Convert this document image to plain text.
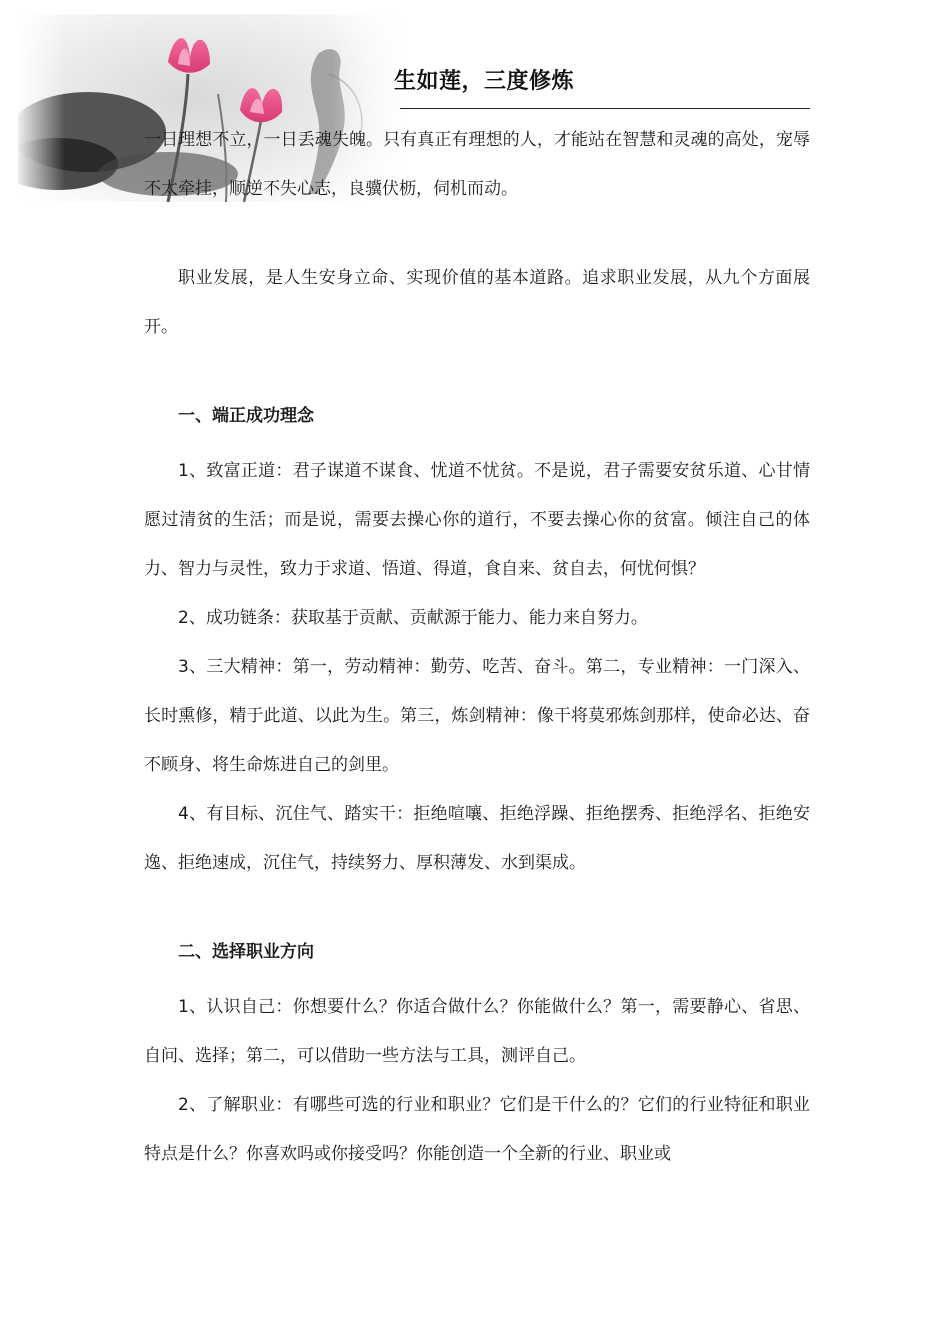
生如莲，三度修炼

一日理想不立，一日丢魂失魄。只有真正有理想的人，才能站在智慧和灵魂的高处，宠辱不太牵挂，顺逆不失心志，良骥伏枥，伺机而动。

职业发展，是人生安身立命、实现价值的基本道路。追求职业发展，从九个方面展开。

一、端正成功理念

1、致富正道：君子谋道不谋食、忧道不忧贫。不是说，君子需要安贫乐道、心甘情愿过清贫的生活；而是说，需要去操心你的道行，不要去操心你的贫富。倾注自己的体力、智力与灵性，致力于求道、悟道、得道，食自来、贫自去，何忧何惧？

2、成功链条：获取基于贡献、贡献源于能力、能力来自努力。

3、三大精神：第一，劳动精神：勤劳、吃苦、奋斗。第二，专业精神：一门深入、长时熏修，精于此道、以此为生。第三，炼剑精神：像干将莫邪炼剑那样，使命必达、奋不顾身、将生命炼进自己的剑里。

4、有目标、沉住气、踏实干：拒绝喧嚷、拒绝浮躁、拒绝摆秀、拒绝浮名、拒绝安逸、拒绝速成，沉住气，持续努力、厚积薄发、水到渠成。

二、选择职业方向

1、认识自己：你想要什么？你适合做什么？你能做什么？第一，需要静心、省思、自问、选择；第二，可以借助一些方法与工具，测评自己。

2、了解职业：有哪些可选的行业和职业？它们是干什么的？它们的行业特征和职业特点是什么？你喜欢吗或你接受吗？你能创造一个全新的行业、职业或
